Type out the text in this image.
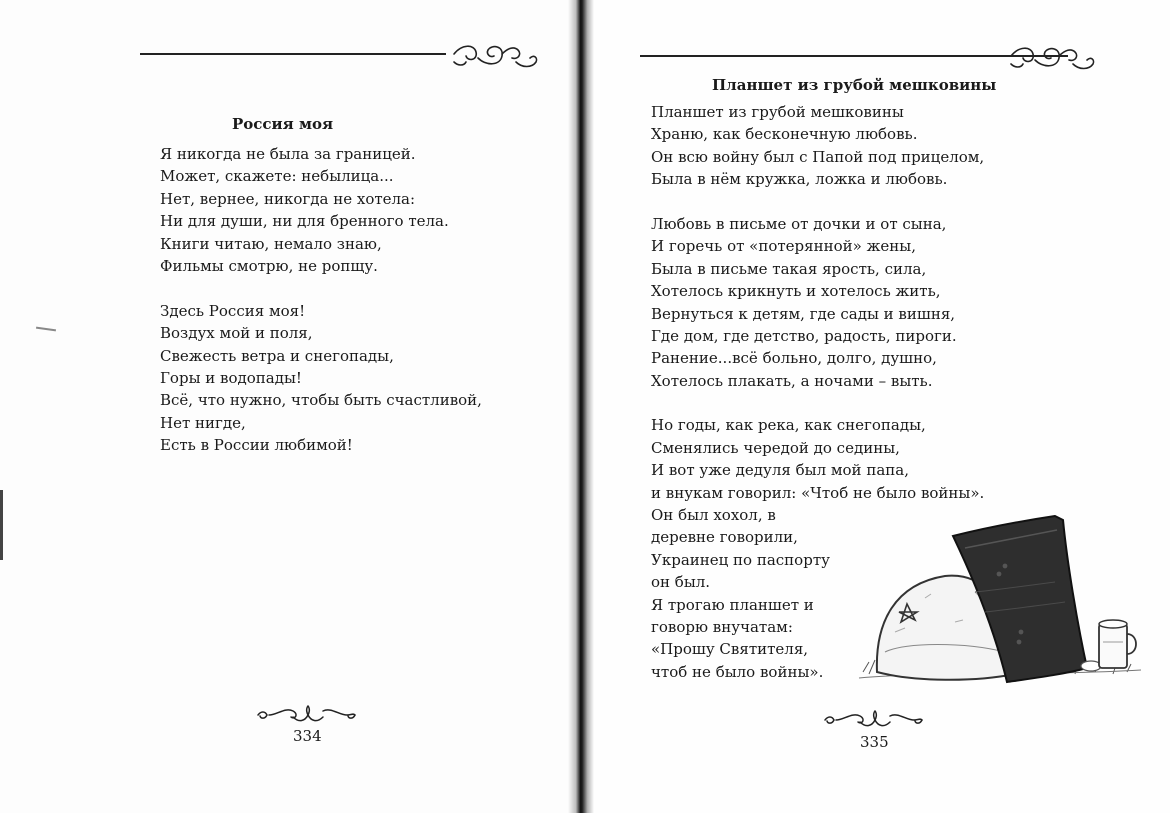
Россия моя
Я никогда не была за границей.
Может, скажете: небылица...
Нет, вернее, никогда не хотела:
Ни для души, ни для бренного тела.
Книги читаю, немало знаю,
Фильмы смотрю, не ропщу.
Здесь Россия моя!
Воздух мой и поля,
Свежесть ветра и снегопады,
Горы и водопады!
Всё, что нужно, чтобы быть счастливой,
Нет нигде,
Есть в России любимой!
334
Планшет из грубой мешковины
Планшет из грубой мешковины
Храню, как бесконечную любовь.
Он всю войну был с Папой под прицелом,
Была в нём кружка, ложка и любовь.
Любовь в письме от дочки и от сына,
И горечь от «потерянной» жены,
Была в письме такая ярость, сила,
Хотелось крикнуть и хотелось жить,
Вернуться к детям, где сады и вишня,
Где дом, где детство, радость, пироги.
Ранение...всё больно, долго, душно,
Хотелось плакать, а ночами – выть.
Но годы, как река, как снегопады,
Сменялись чередой до седины,
И вот уже дедуля был мой папа,
и внукам говорил: «Чтоб не было войны».
Он был хохол, в
деревне говорили,
Украинец по паспорту
он был.
Я трогаю планшет и
говорю внучатам:
«Прошу Святителя,
чтоб не было войны».
335
